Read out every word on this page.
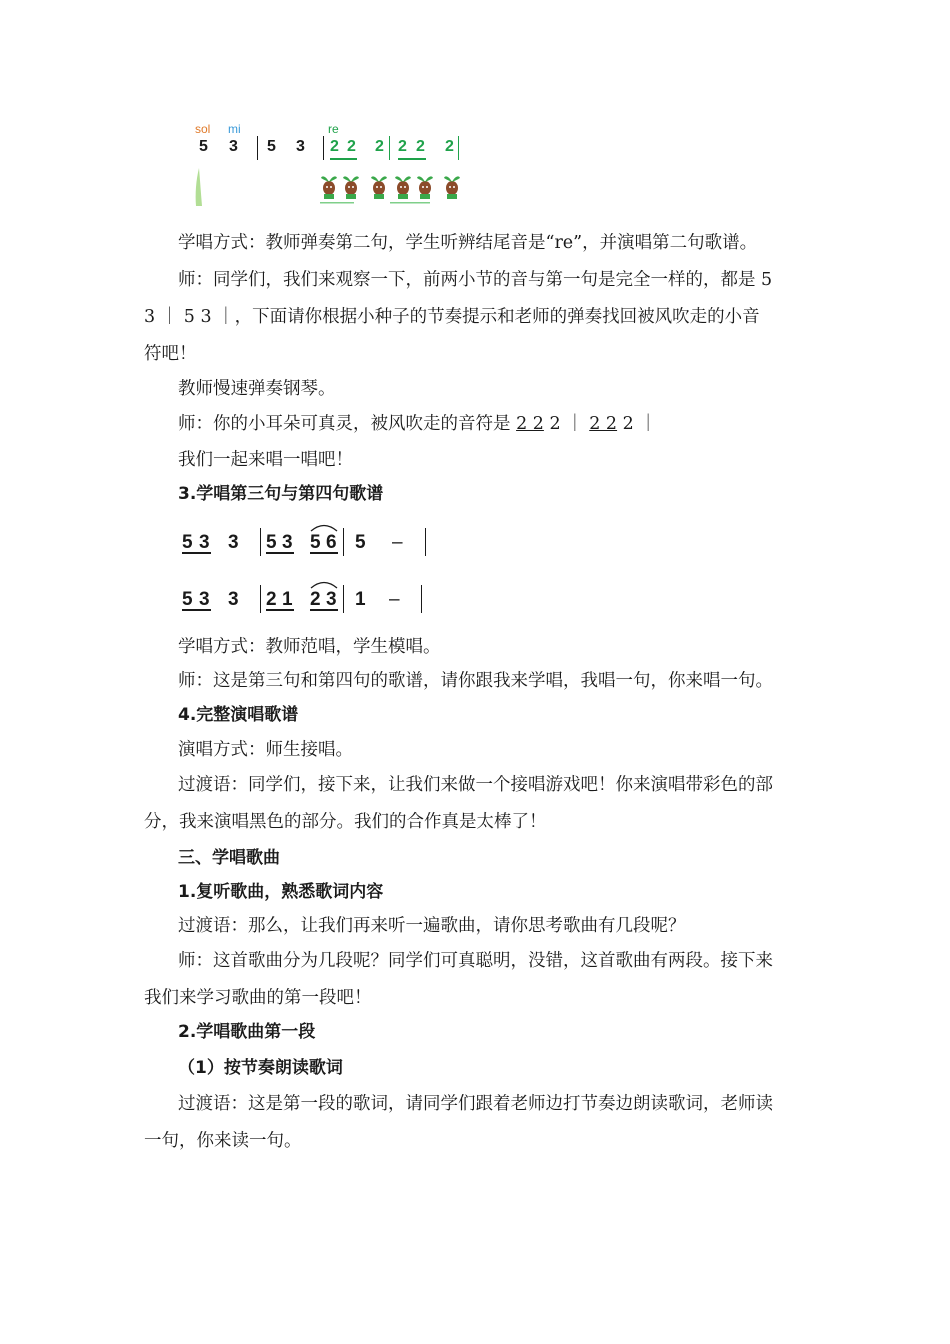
sol mi	re
5 3 5 3 2 2 2 2 2 2
学唱方式：教师弹奏第二句，学生听辨结尾音是“re”，并演唱第二句歌谱。
师：同学们，我们来观察一下，前两小节的音与第一句是完全一样的，都是 5
3 ｜ 5 3 ｜，下面请你根据小种子的节奏提示和老师的弹奏找回被风吹走的小音
符吧！
教师慢速弹奏钢琴。
师：你的小耳朵可真灵，被风吹走的音符是 2 2 2 ｜ 2 2 2 ｜
我们一起来唱一唱吧！
3.学唱第三句与第四句歌谱
5 3 3 5 3 5 6 5 –
5 3 3 2 1 2 3 1 –
学唱方式：教师范唱，学生模唱。
师：这是第三句和第四句的歌谱，请你跟我来学唱，我唱一句，你来唱一句。
4.完整演唱歌谱
演唱方式：师生接唱。
过渡语：同学们，接下来，让我们来做一个接唱游戏吧！你来演唱带彩色的部
分，我来演唱黑色的部分。我们的合作真是太棒了！
三、学唱歌曲
1.复听歌曲，熟悉歌词内容
过渡语：那么，让我们再来听一遍歌曲，请你思考歌曲有几段呢？
师：这首歌曲分为几段呢？同学们可真聪明，没错，这首歌曲有两段。接下来
我们来学习歌曲的第一段吧！
2.学唱歌曲第一段
（1）按节奏朗读歌词
过渡语：这是第一段的歌词，请同学们跟着老师边打节奏边朗读歌词，老师读
一句，你来读一句。
